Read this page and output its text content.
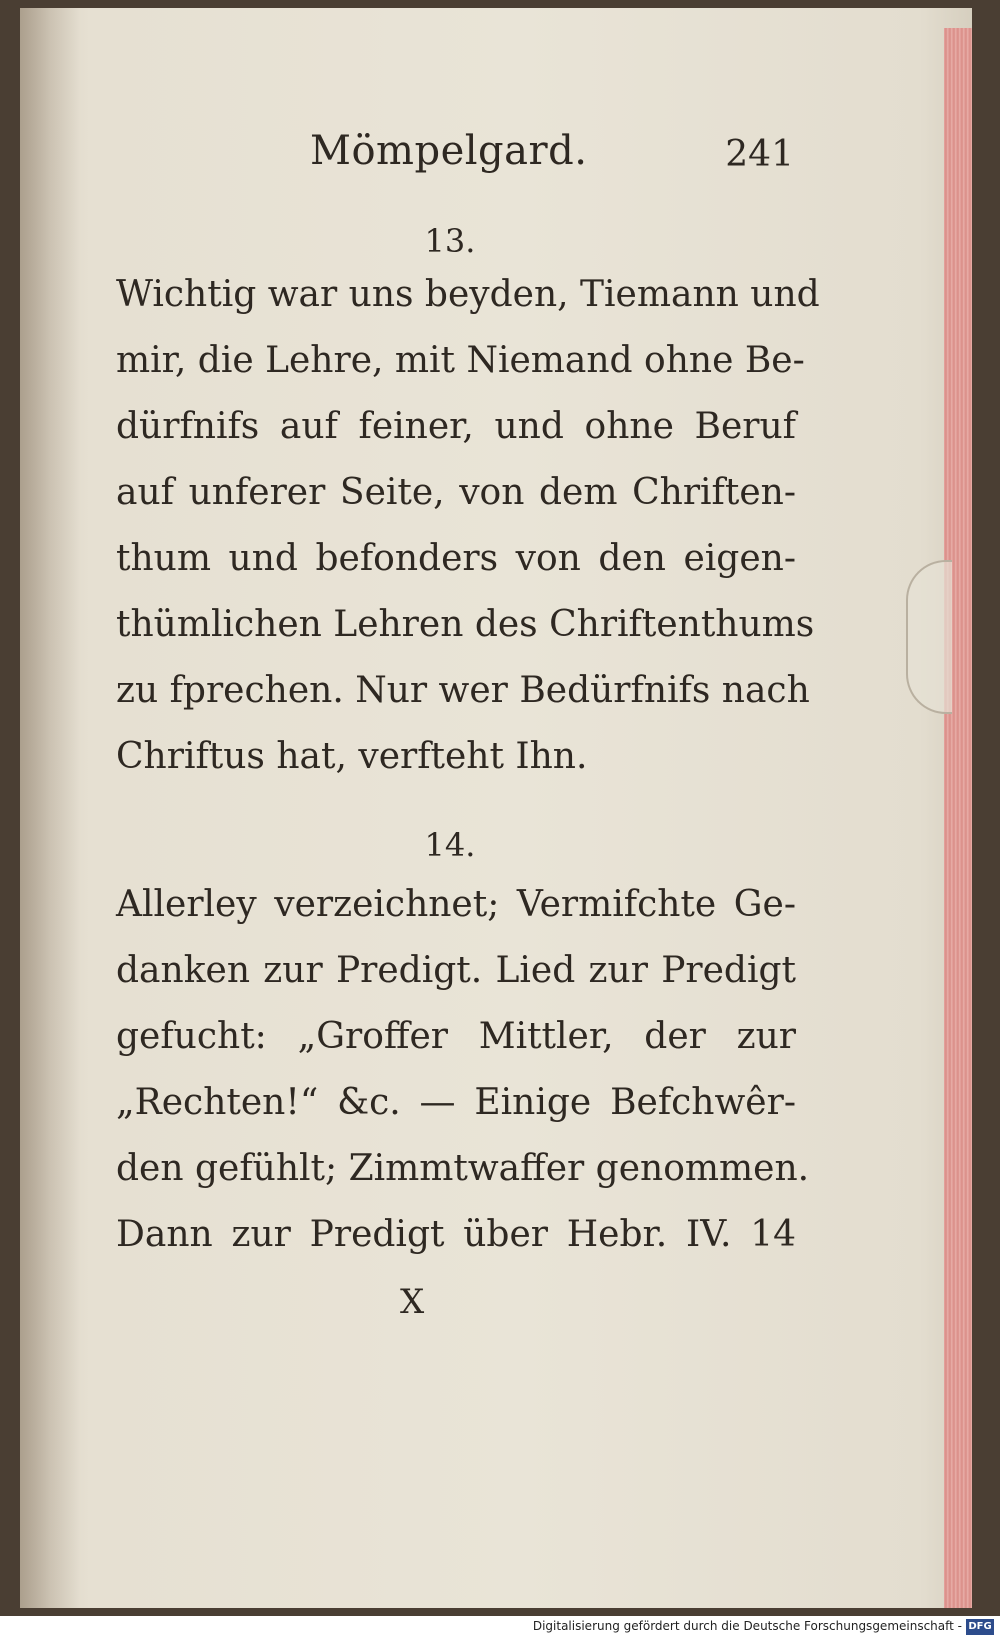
Mömpelgard.	241
13.
Wichtig war uns beyden, Tiemann und
mir, die Lehre, mit Niemand ohne Be-
dürfnifs auf feiner, und ohne Beruf
auf unferer Seite, von dem Chriften-
thum und befonders von den eigen-
thümlichen Lehren des Chriftenthums
zu fprechen. Nur wer Bedürfnifs nach
Chriftus hat, verfteht Ihn.
14.
Allerley verzeichnet; Vermifchte Ge-
danken zur Predigt. Lied zur Predigt
gefucht: „Groffer Mittler, der zur
„Rechten!“ &c. — Einige Befchwêr-
den gefühlt; Zimmtwaffer genommen.
Dann zur Predigt über Hebr. IV. 14
X
Digitalisierung gefördert durch die Deutsche Forschungsgemeinschaft - DFG
